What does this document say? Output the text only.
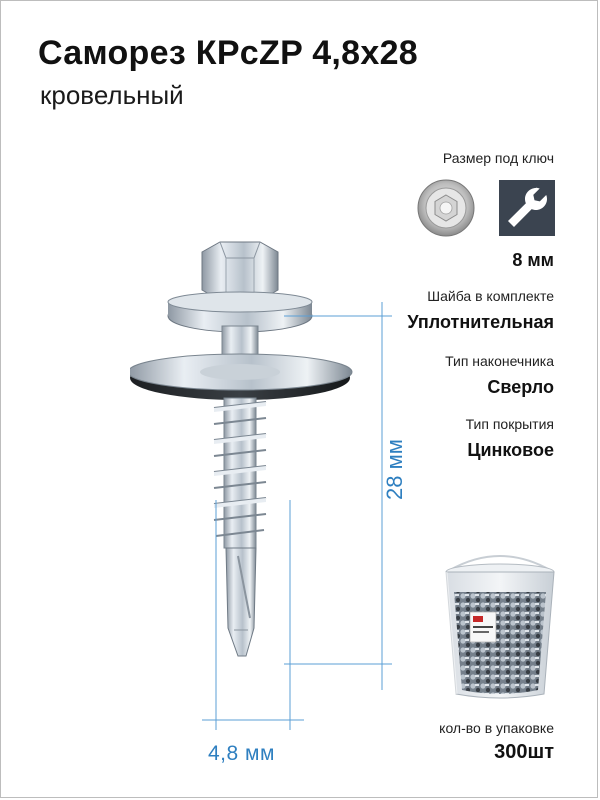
Саморез КРсZP 4,8х28
кровельный
Размер под ключ
8 мм
Шайба в комплекте
Уплотнительная
Тип наконечника
Сверло
Тип покрытия
Цинковое
кол-во в упаковке
300шт
28 мм
4,8 мм
